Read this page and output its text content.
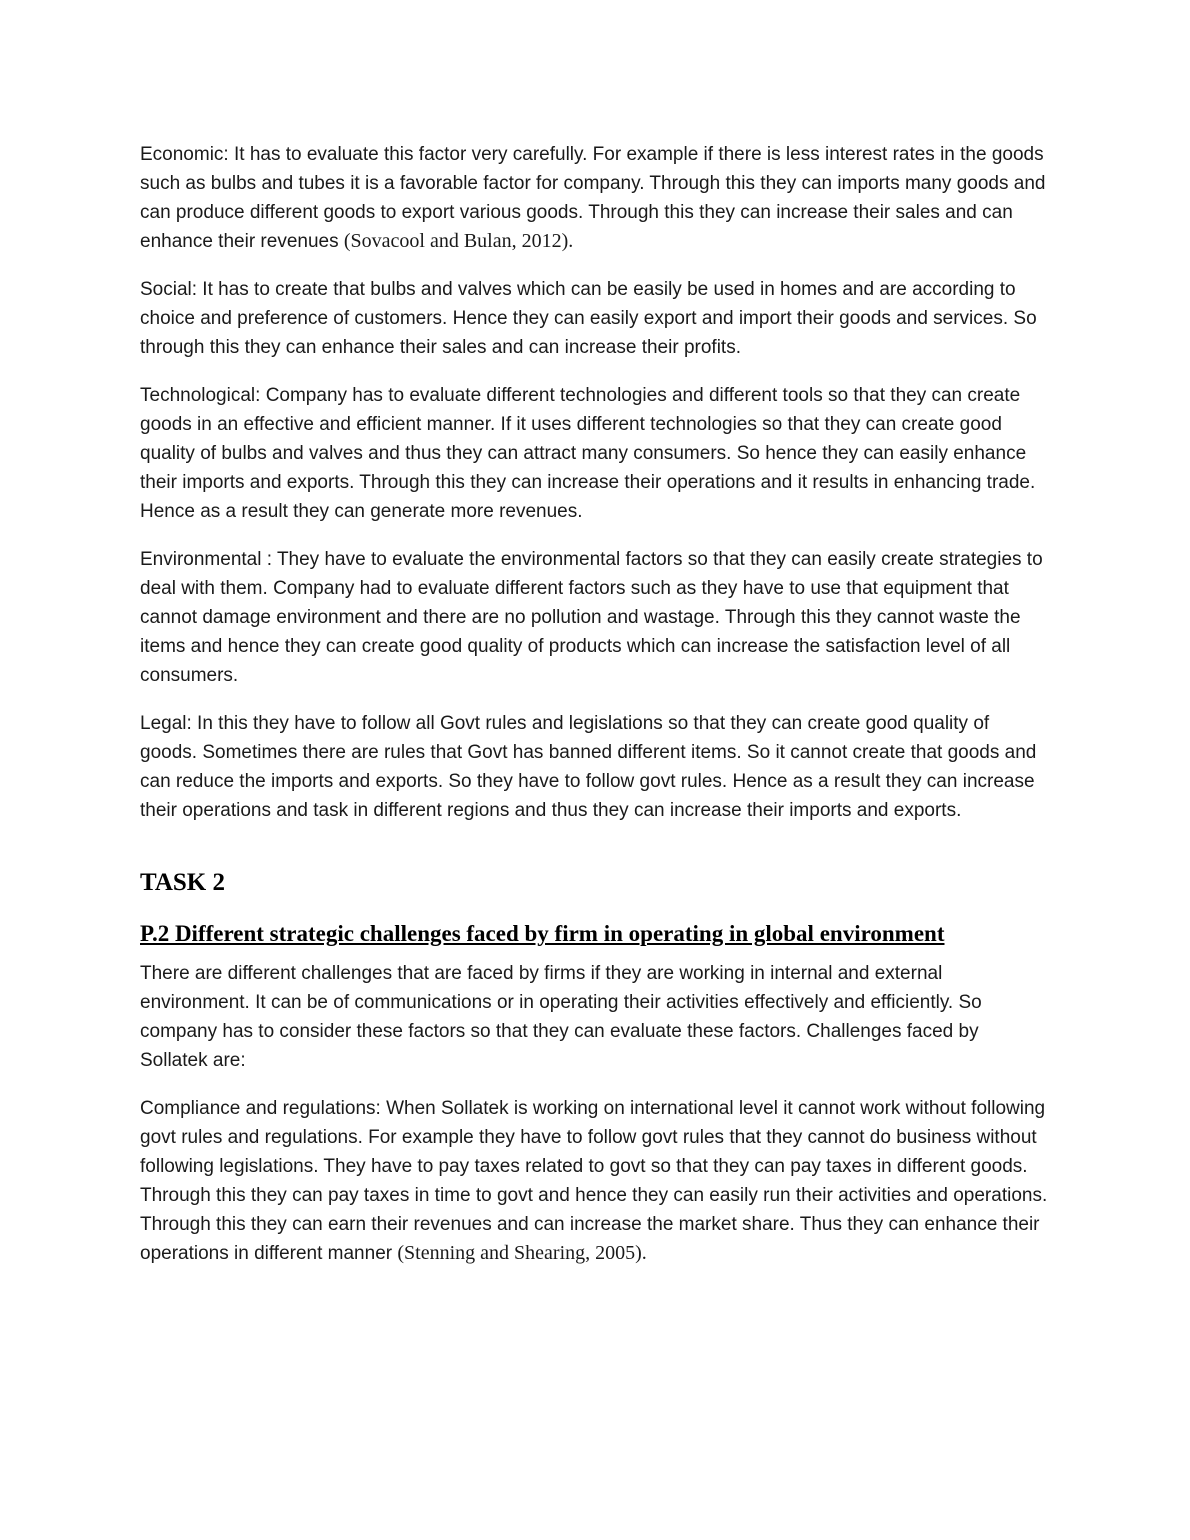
Economic: It has to evaluate this factor very carefully. For example if there is less interest rates in the goods such as bulbs and tubes it is a favorable factor for company. Through this they can imports many goods and can produce different goods to export various goods. Through this they can increase their sales and can enhance their revenues (Sovacool and Bulan, 2012).

Social: It has to create that bulbs and valves which can be easily be used in homes and are according to choice and preference of customers. Hence they can easily export and import their goods and services. So through this they can enhance their sales and can increase their profits.

Technological: Company has to evaluate different technologies and different tools so that they can create goods in an effective and efficient manner. If it uses different technologies so that they can create good quality of bulbs and valves and thus they can attract many consumers. So hence they can easily enhance their imports and exports. Through this they can increase their operations and it results in enhancing trade. Hence as a result they can generate more revenues.

Environmental : They have to evaluate the environmental factors so that they can easily create strategies to deal with them. Company had to evaluate different factors such as they have to use that equipment that cannot damage environment and there are no pollution and wastage. Through this they cannot waste the items and hence they can create good quality of products which can increase the satisfaction level of all consumers.

Legal: In this they have to follow all Govt rules and legislations so that they can create good quality of goods. Sometimes there are rules that Govt has banned different items. So it cannot create that goods and can reduce the imports and exports. So they have to follow govt rules. Hence as a result they can increase their operations and task in different regions and thus they can increase their imports and exports.

TASK 2
P.2 Different strategic challenges faced by firm in operating in global environment

There are different challenges that are faced by firms if they are working in internal and external environment. It can be of communications or in operating their activities effectively and efficiently. So company has to consider these factors so that they can evaluate these factors. Challenges faced by Sollatek are:

Compliance and regulations: When Sollatek is working on international level it cannot work without following govt rules and regulations. For example they have to follow govt rules that they cannot do business without following legislations. They have to pay taxes related to govt so that they can pay taxes in different goods. Through this they can pay taxes in time to govt and hence they can easily run their activities and operations. Through this they can earn their revenues and can increase the market share. Thus they can enhance their operations in different manner (Stenning and Shearing, 2005).
